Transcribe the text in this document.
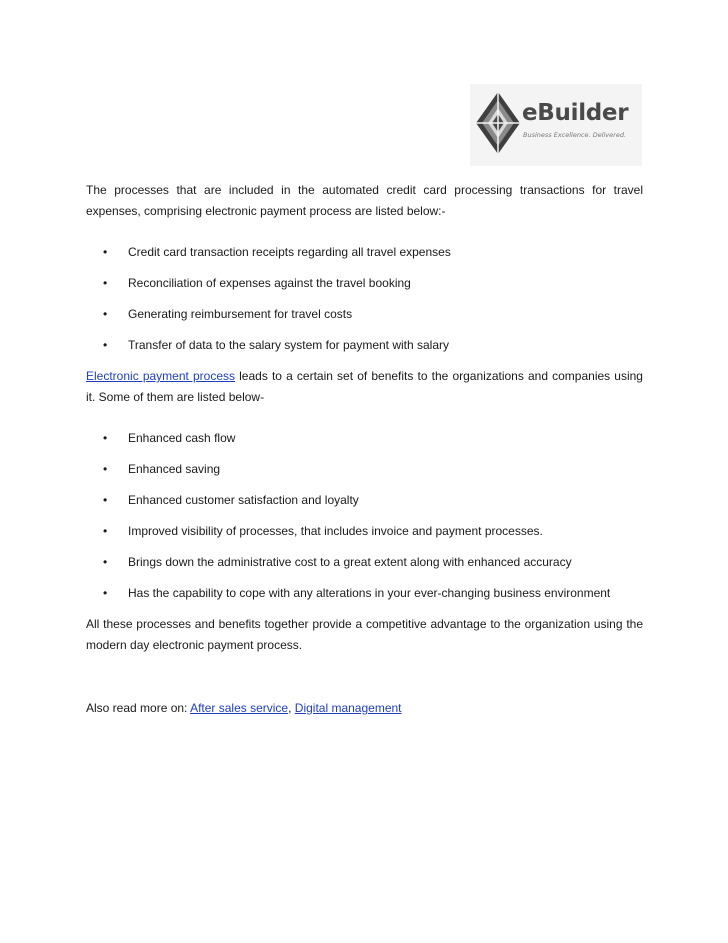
eBuilder
Business Excellence. Delivered.

The processes that are included in the automated credit card processing transactions for travel
expenses, comprising electronic payment process are listed below:-

• Credit card transaction receipts regarding all travel expenses
• Reconciliation of expenses against the travel booking
• Generating reimbursement for travel costs
• Transfer of data to the salary system for payment with salary

Electronic payment process leads to a certain set of benefits to the organizations and companies using
it. Some of them are listed below-

• Enhanced cash flow
• Enhanced saving
• Enhanced customer satisfaction and loyalty
• Improved visibility of processes, that includes invoice and payment processes.
• Brings down the administrative cost to a great extent along with enhanced accuracy
• Has the capability to cope with any alterations in your ever-changing business environment

All these processes and benefits together provide a competitive advantage to the organization using the
modern day electronic payment process.

Also read more on: After sales service, Digital management
